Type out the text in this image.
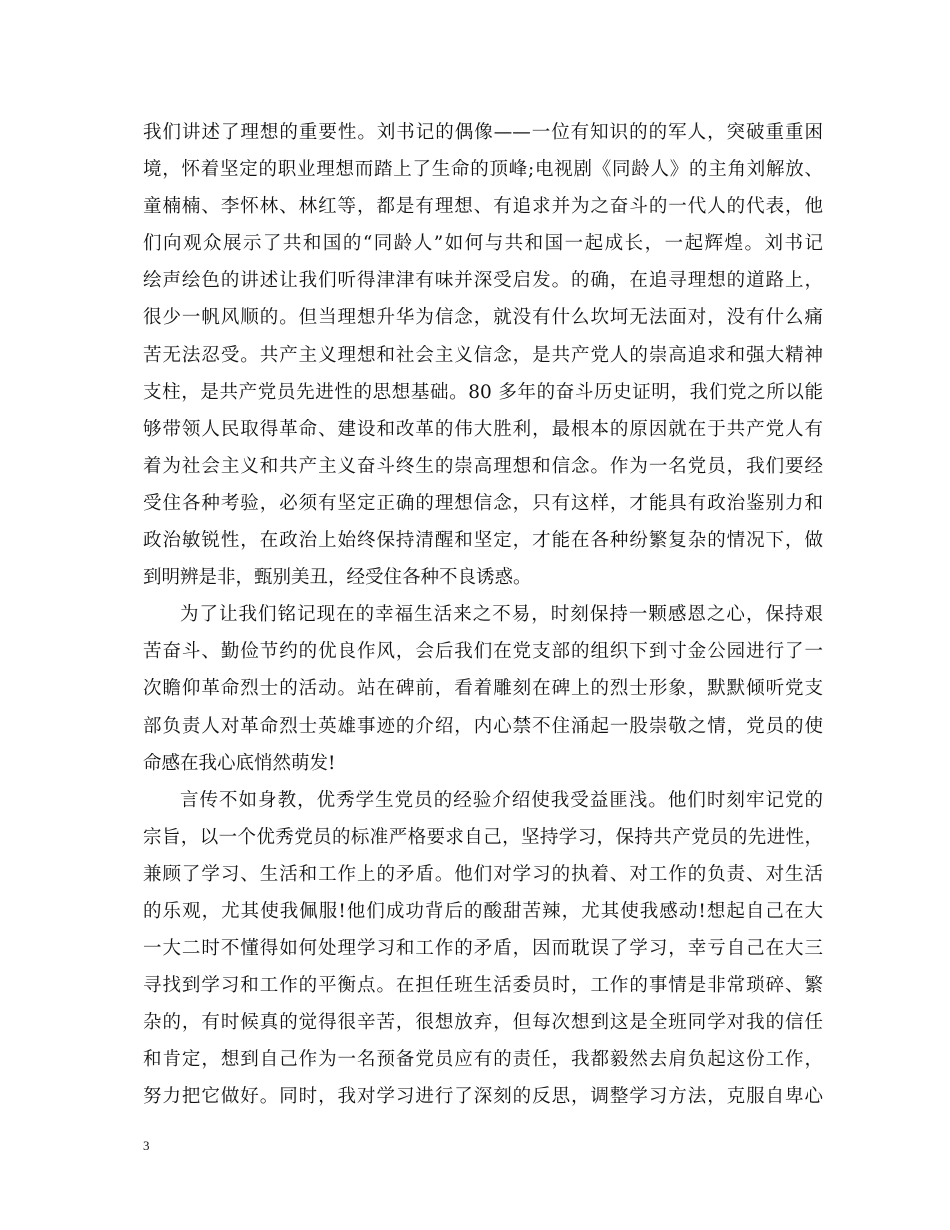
我们讲述了理想的重要性。刘书记的偶像——一位有知识的的军人，突破重重困
境，怀着坚定的职业理想而踏上了生命的顶峰;电视剧《同龄人》的主角刘解放、
童楠楠、李怀林、林红等，都是有理想、有追求并为之奋斗的一代人的代表，他
们向观众展示了共和国的“同龄人”如何与共和国一起成长，一起辉煌。刘书记
绘声绘色的讲述让我们听得津津有味并深受启发。的确，在追寻理想的道路上，
很少一帆风顺的。但当理想升华为信念，就没有什么坎坷无法面对，没有什么痛
苦无法忍受。共产主义理想和社会主义信念，是共产党人的崇高追求和强大精神
支柱，是共产党员先进性的思想基础。80 多年的奋斗历史证明，我们党之所以能
够带领人民取得革命、建设和改革的伟大胜利，最根本的原因就在于共产党人有
着为社会主义和共产主义奋斗终生的崇高理想和信念。作为一名党员，我们要经
受住各种考验，必须有坚定正确的理想信念，只有这样，才能具有政治鉴别力和
政治敏锐性，在政治上始终保持清醒和坚定，才能在各种纷繁复杂的情况下，做
到明辨是非，甄别美丑，经受住各种不良诱惑。
为了让我们铭记现在的幸福生活来之不易，时刻保持一颗感恩之心，保持艰
苦奋斗、勤俭节约的优良作风，会后我们在党支部的组织下到寸金公园进行了一
次瞻仰革命烈士的活动。站在碑前，看着雕刻在碑上的烈士形象，默默倾听党支
部负责人对革命烈士英雄事迹的介绍，内心禁不住涌起一股崇敬之情，党员的使
命感在我心底悄然萌发!
言传不如身教，优秀学生党员的经验介绍使我受益匪浅。他们时刻牢记党的
宗旨，以一个优秀党员的标准严格要求自己，坚持学习，保持共产党员的先进性，
兼顾了学习、生活和工作上的矛盾。他们对学习的执着、对工作的负责、对生活
的乐观，尤其使我佩服!他们成功背后的酸甜苦辣，尤其使我感动!想起自己在大
一大二时不懂得如何处理学习和工作的矛盾，因而耽误了学习，幸亏自己在大三
寻找到学习和工作的平衡点。在担任班生活委员时，工作的事情是非常琐碎、繁
杂的，有时候真的觉得很辛苦，很想放弃，但每次想到这是全班同学对我的信任
和肯定，想到自己作为一名预备党员应有的责任，我都毅然去肩负起这份工作，
努力把它做好。同时，我对学习进行了深刻的反思，调整学习方法，克服自卑心
3
